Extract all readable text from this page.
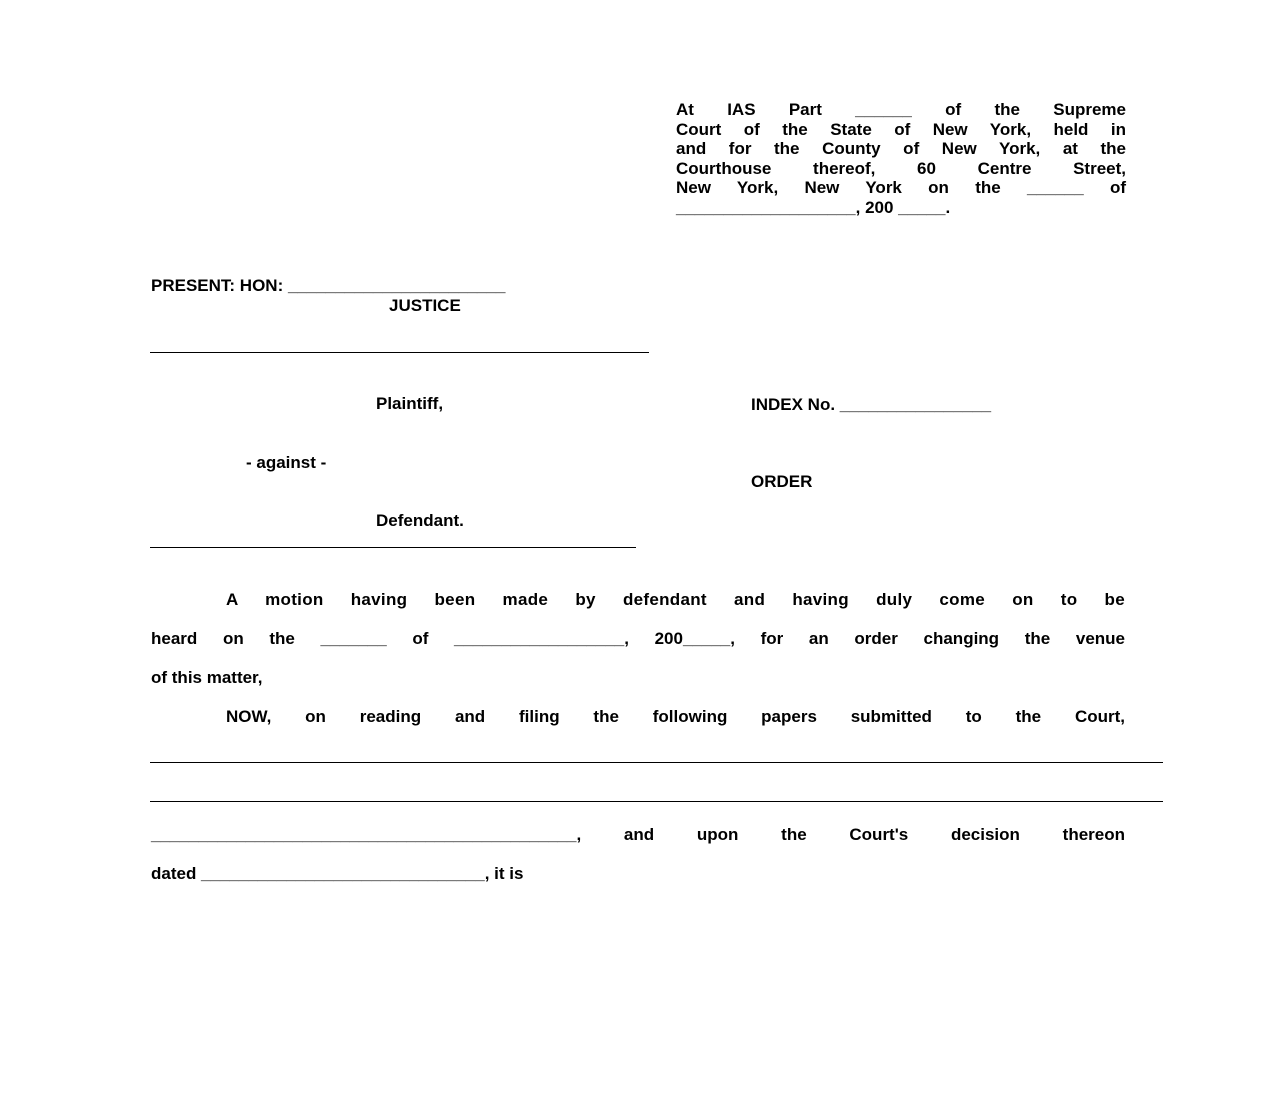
At IAS Part ______ of the Supreme
Court of the State of New York, held in
and for the County of New York, at the
Courthouse thereof, 60 Centre Street,
New York, New York on the ______ of
___________________, 200 _____.
PRESENT: HON: _______________________
JUSTICE
Plaintiff,	INDEX No. ________________
- against -
ORDER
Defendant.
A motion having been made by defendant and having duly come on to be
heard on the _______ of __________________, 200_____, for an order changing the venue
of this matter,
NOW, on reading and filing the following papers submitted to the Court,
_____________________________________________, and upon the Court's decision thereon
dated ______________________________, it is
